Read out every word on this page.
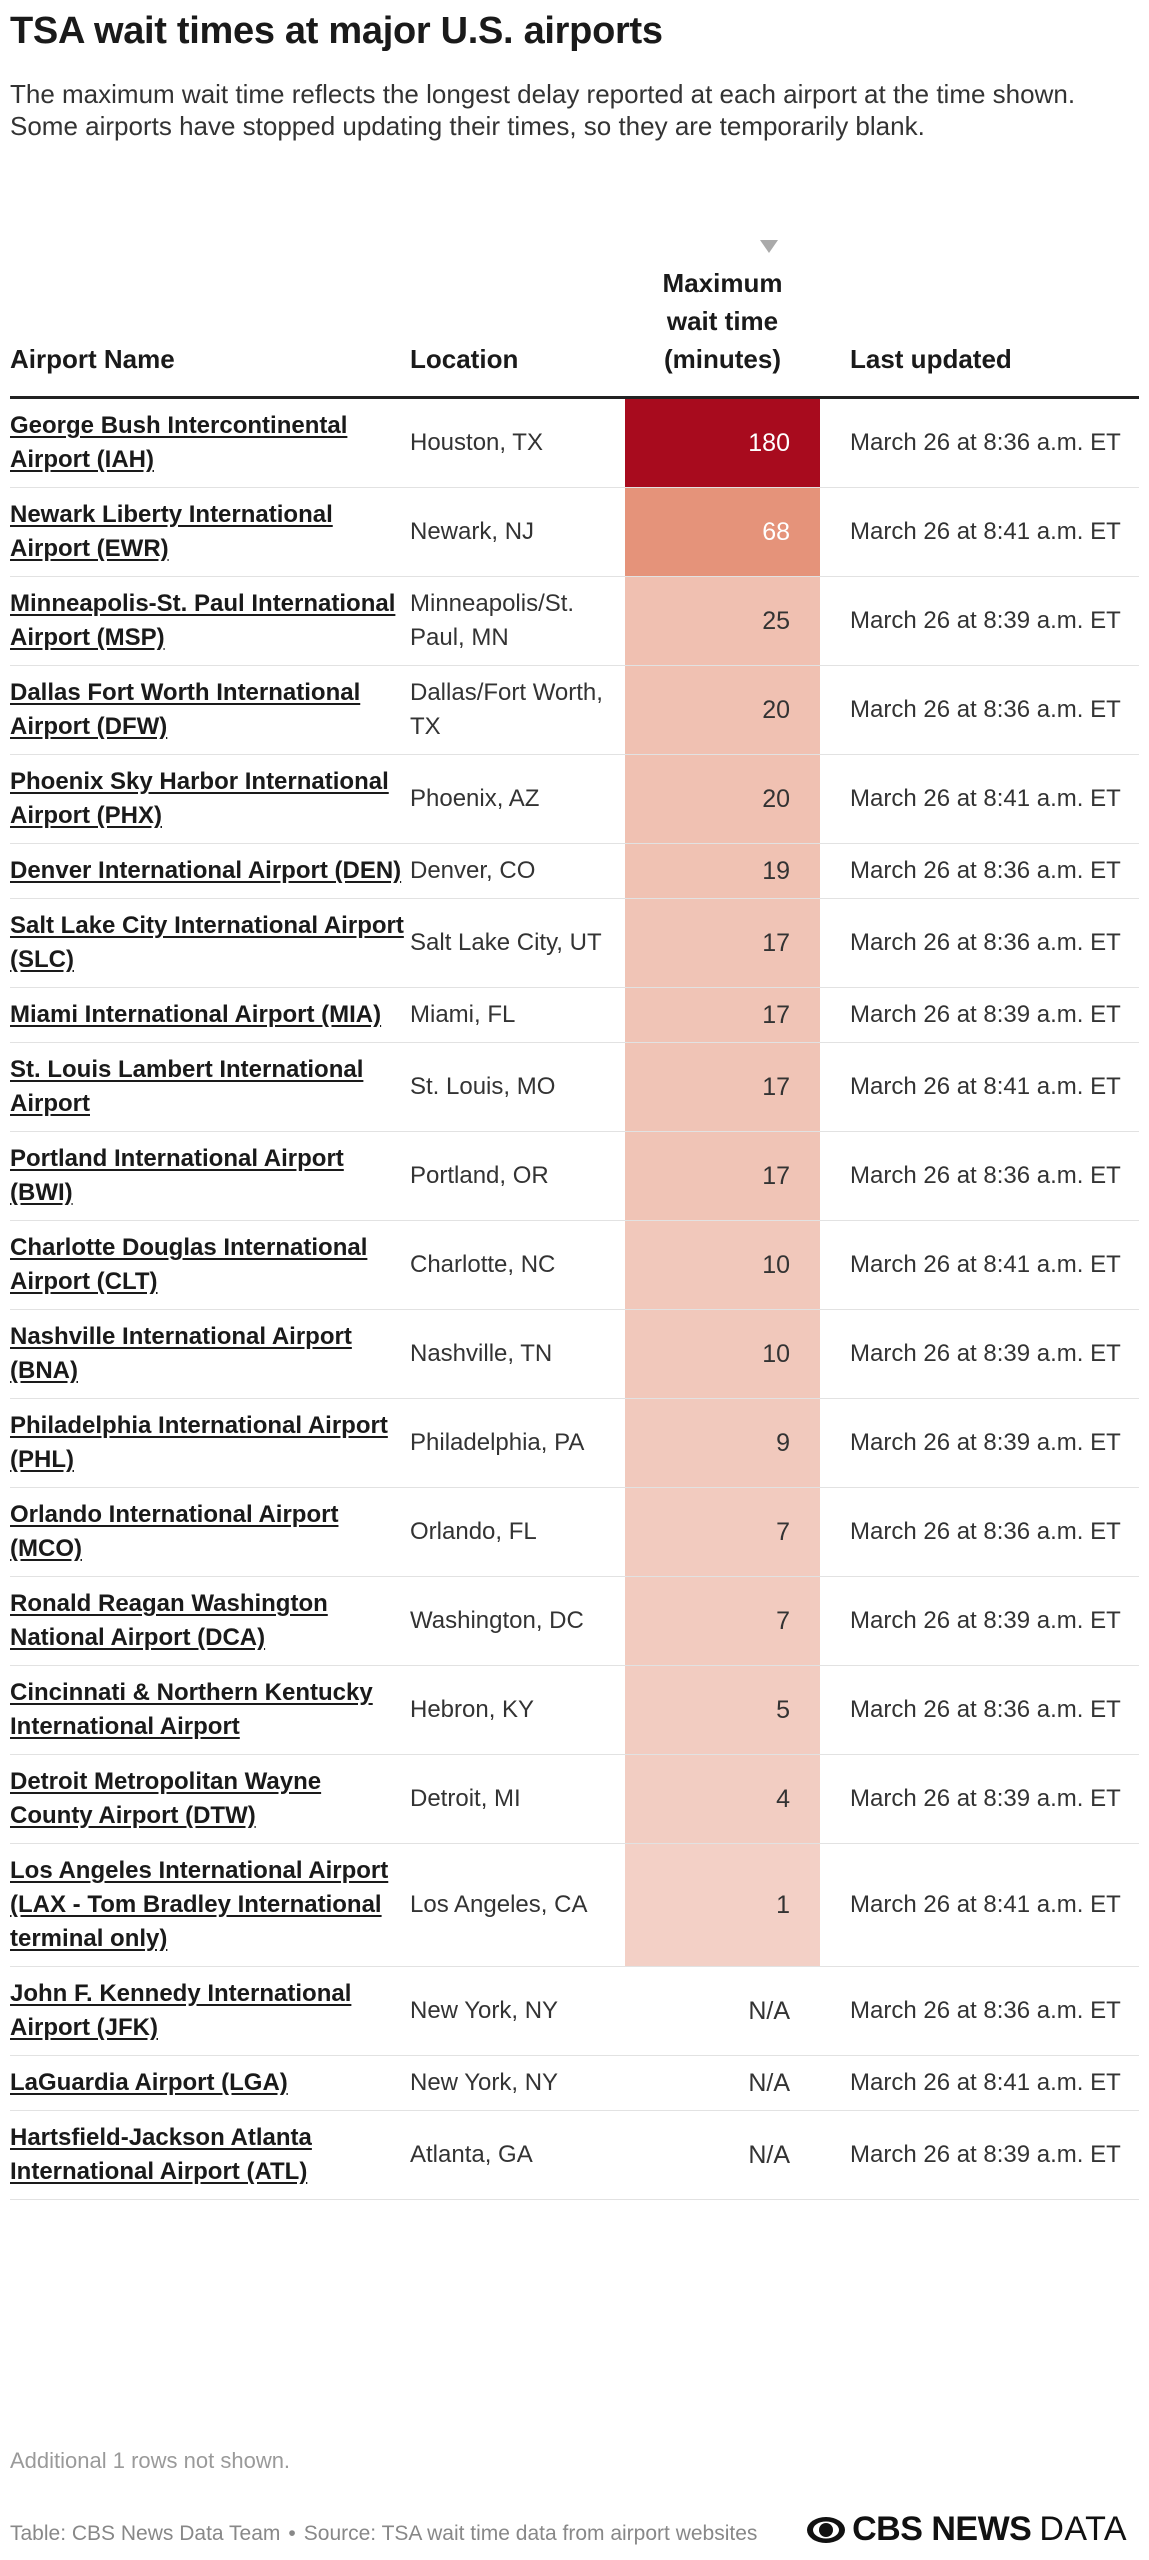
TSA wait times at major U.S. airports
The maximum wait time reflects the longest delay reported at each airport at the time shown. Some airports have stopped updating their times, so they are temporarily blank.
Airport Name	Location	Maximum wait time (minutes)	Last updated
George Bush Intercontinental Airport (IAH)	Houston, TX	180	March 26 at 8:36 a.m. ET
Newark Liberty International Airport (EWR)	Newark, NJ	68	March 26 at 8:41 a.m. ET
Minneapolis-St. Paul International Airport (MSP)	Minneapolis/St. Paul, MN	25	March 26 at 8:39 a.m. ET
Dallas Fort Worth International Airport (DFW)	Dallas/Fort Worth, TX	20	March 26 at 8:36 a.m. ET
Phoenix Sky Harbor International Airport (PHX)	Phoenix, AZ	20	March 26 at 8:41 a.m. ET
Denver International Airport (DEN)	Denver, CO	19	March 26 at 8:36 a.m. ET
Salt Lake City International Airport (SLC)	Salt Lake City, UT	17	March 26 at 8:36 a.m. ET
Miami International Airport (MIA)	Miami, FL	17	March 26 at 8:39 a.m. ET
St. Louis Lambert International Airport	St. Louis, MO	17	March 26 at 8:41 a.m. ET
Portland International Airport (BWI)	Portland, OR	17	March 26 at 8:36 a.m. ET
Charlotte Douglas International Airport (CLT)	Charlotte, NC	10	March 26 at 8:41 a.m. ET
Nashville International Airport (BNA)	Nashville, TN	10	March 26 at 8:39 a.m. ET
Philadelphia International Airport (PHL)	Philadelphia, PA	9	March 26 at 8:39 a.m. ET
Orlando International Airport (MCO)	Orlando, FL	7	March 26 at 8:36 a.m. ET
Ronald Reagan Washington National Airport (DCA)	Washington, DC	7	March 26 at 8:39 a.m. ET
Cincinnati & Northern Kentucky International Airport	Hebron, KY	5	March 26 at 8:36 a.m. ET
Detroit Metropolitan Wayne County Airport (DTW)	Detroit, MI	4	March 26 at 8:39 a.m. ET
Los Angeles International Airport (LAX - Tom Bradley International terminal only)	Los Angeles, CA	1	March 26 at 8:41 a.m. ET
John F. Kennedy International Airport (JFK)	New York, NY	N/A	March 26 at 8:36 a.m. ET
LaGuardia Airport (LGA)	New York, NY	N/A	March 26 at 8:41 a.m. ET
Hartsfield-Jackson Atlanta International Airport (ATL)	Atlanta, GA	N/A	March 26 at 8:39 a.m. ET
Additional 1 rows not shown.
Table: CBS News Data Team • Source: TSA wait time data from airport websites	CBS NEWS DATA
